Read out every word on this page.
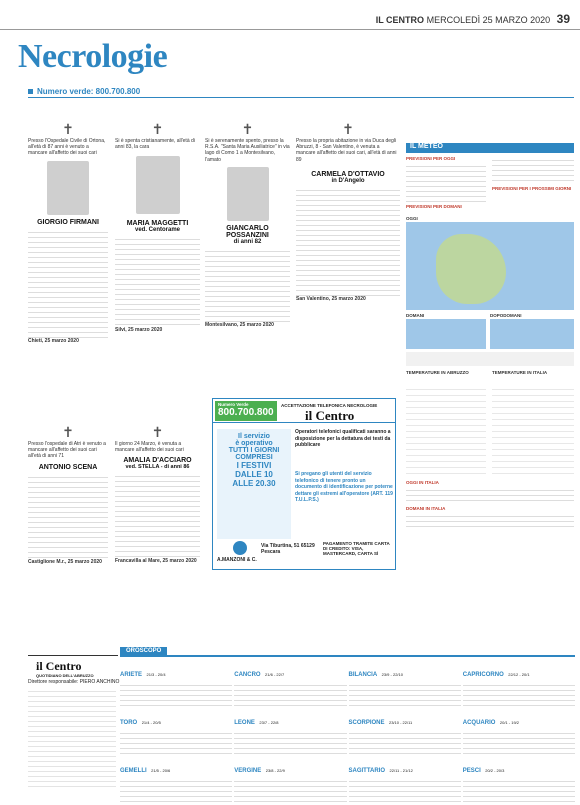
IL CENTRO MERCOLEDÌ 25 MARZO 2020 39
Necrologie
Numero verde: 800.700.800
✝
Presso l'Ospedale Civile di Ortona, all'età di 87 anni è venuto a mancare all'affetto dei suoi cari
GIORGIO FIRMANI
Chieti, 25 marzo 2020
✝
Si è spenta cristianamente, all'età di anni 83, la cara
MARIA MAGGETTI
ved. Centorame
Silvi, 25 marzo 2020
✝
Si è serenamente spento, presso la R.S.A. "Santa Maria Ausiliatrice" in via lago di Como 1 a Montesilvano, l'amato
GIANCARLO POSSANZINI
di anni 82
Montesilvano, 25 marzo 2020
✝
Presso la propria abitazione in via Duca degli Abruzzi, 8 - San Valentino, è venuta a mancare all'affetto dei suoi cari, all'età di anni 89
CARMELA D'OTTAVIO
in D'Angelo
San Valentino, 25 marzo 2020
✝
Presso l'ospedale di Atri è venuto a mancare all'affetto dei suoi cari all'età di anni 71
ANTONIO SCENA
Castiglione M.r., 25 marzo 2020
✝
Il giorno 24 Marzo, è venuta a mancare all'affetto dei suoi cari
AMALIA D'ACCIARO
ved. STELLA - di anni 86
Francavilla al Mare, 25 marzo 2020
Numero Verde
800.700.800
ACCETTAZIONE TELEFONICA NECROLOGIE
il Centro
Il servizio
è operativo
TUTTI I GIORNI
COMPRESI
I FESTIVI
DALLE 10
ALLE 20.30
Operatori telefonici qualificati saranno a disposizione per la dettatura dei testi da pubblicare
Si pregano gli utenti del servizio telefonico di tenere pronto un documento di identificazione per poterne dettare gli estremi all'operatore (ART. 119 T.U.L.P.S.)
A.MANZONI & C.
Via Tiburtina, 51 65129 Pescara
PAGAMENTO TRAMITE CARTA DI CREDITO: VISA, MASTERCARD, CARTA SÌ
IL METEO
PREVISIONI PER OGGI
PREVISIONI PER DOMANI
PREVISIONI PER I PROSSIMI GIORNI
OGGI
DOMANI	DOPODOMANI
TEMPERATURE IN ABRUZZO	TEMPERATURE IN ITALIA
OGGI IN ITALIA
DOMANI IN ITALIA
il Centro
QUOTIDIANO DELL'ABRUZZO
Direttore responsabile: PIERO ANCHINO
OROSCOPO
ARIETE 21/3 - 20/4	CANCRO 21/6 - 22/7	BILANCIA 23/9 - 22/10	CAPRICORNO 22/12 - 20/1
TORO 21/4 - 20/5	LEONE 23/7 - 22/8	SCORPIONE 23/10 - 22/11	ACQUARIO 20/1 - 19/2
GEMELLI 21/5 - 20/6	VERGINE 23/8 - 22/9	SAGITTARIO 22/11 - 21/12	PESCI 20/2 - 20/3
